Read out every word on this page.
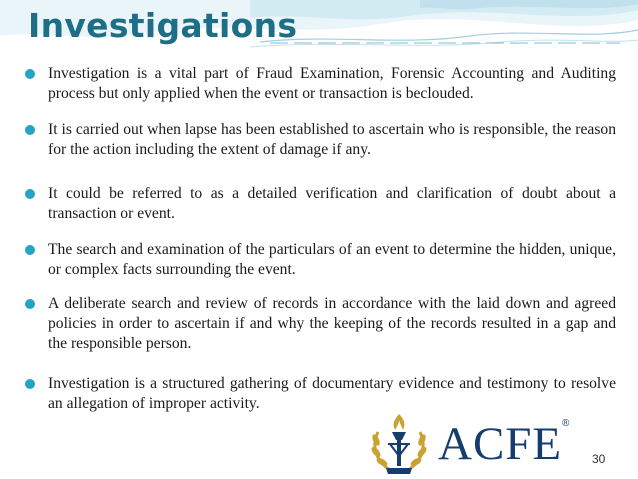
Investigations
Investigation is a vital part of Fraud Examination, Forensic Accounting and Auditing process but only applied when the event or transaction is beclouded.
It is carried out when lapse has been established to ascertain who is responsible, the reason for the action including the extent of damage if any.
It could be referred to as a detailed verification and clarification of doubt about a transaction or event.
The search and examination of the particulars of an event to determine the hidden, unique, or complex facts surrounding the event.
A deliberate search and review of records in accordance with the laid down and agreed policies in order to ascertain if and why the keeping of the records resulted in a gap and the responsible person.
Investigation is a structured gathering of documentary evidence and testimony to resolve an allegation of improper activity.
ACFE ®
30
